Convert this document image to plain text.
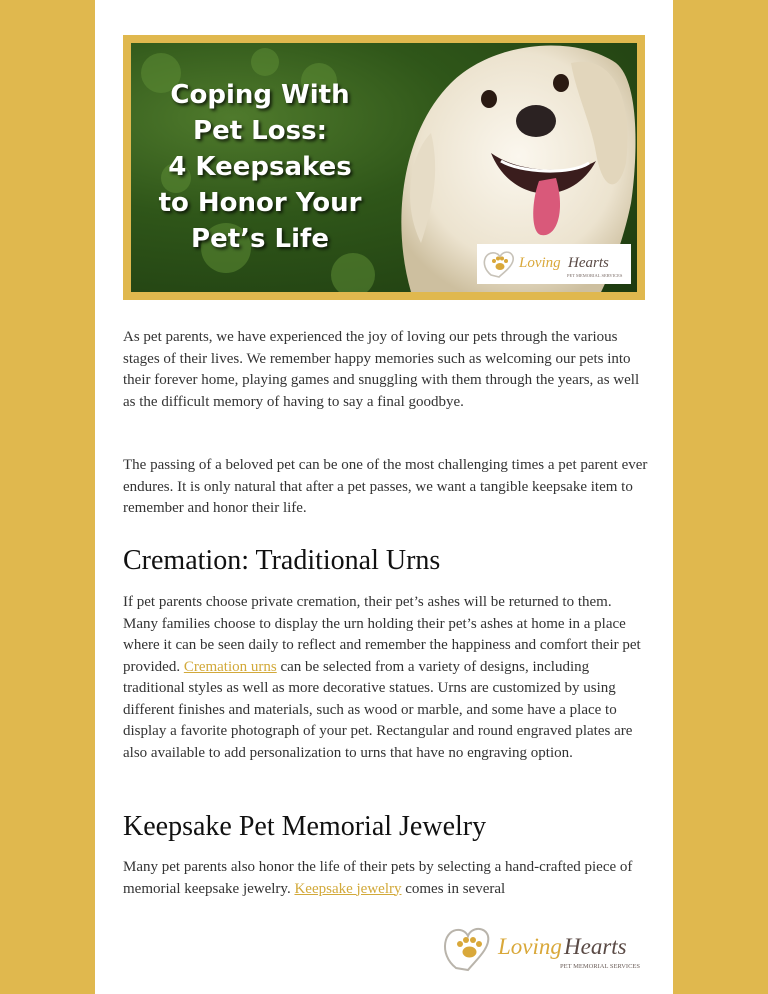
Coping With
Pet Loss:
4 Keepsakes
to Honor Your
Pet’s Life
Loving Hearts
PET MEMORIAL SERVICES

As pet parents, we have experienced the joy of loving our pets through the various stages of their lives. We remember happy memories such as welcoming our pets into their forever home, playing games and snuggling with them through the years, as well as the difficult memory of having to say a final goodbye.

The passing of a beloved pet can be one of the most challenging times a pet parent ever endures. It is only natural that after a pet passes, we want a tangible keepsake item to remember and honor their life.

Cremation: Traditional Urns

If pet parents choose private cremation, their pet’s ashes will be returned to them. Many families choose to display the urn holding their pet’s ashes at home in a place where it can be seen daily to reflect and remember the happiness and comfort their pet provided. Cremation urns can be selected from a variety of designs, including traditional styles as well as more decorative statues. Urns are customized by using different finishes and materials, such as wood or marble, and some have a place to display a favorite photograph of your pet. Rectangular and round engraved plates are also available to add personalization to urns that have no engraving option.

Keepsake Pet Memorial Jewelry

Many pet parents also honor the life of their pets by selecting a hand-crafted piece of memorial keepsake jewelry. Keepsake jewelry comes in several

Loving Hearts
PET MEMORIAL SERVICES
